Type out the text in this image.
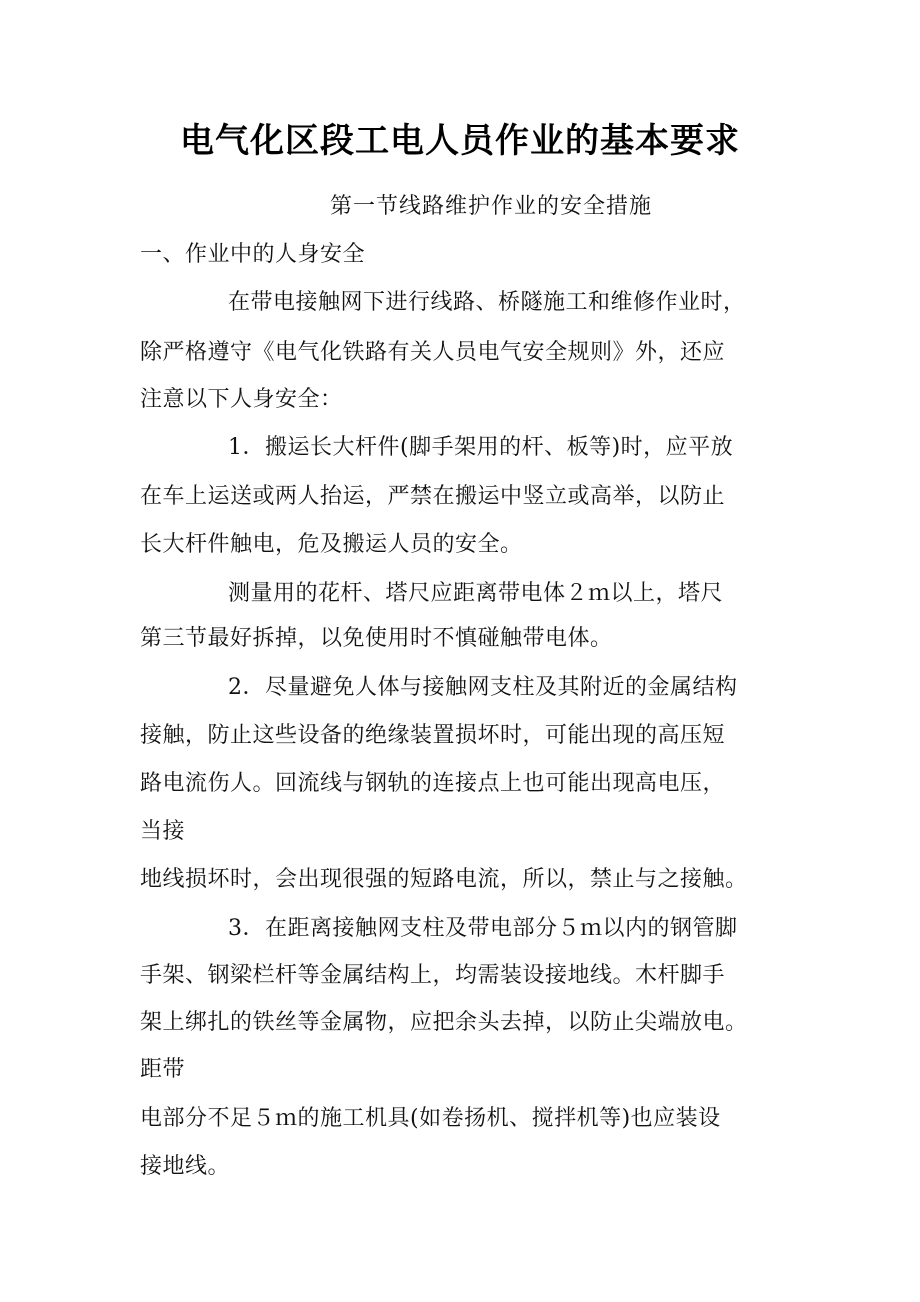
电气化区段工电人员作业的基本要求
第一节线路维护作业的安全措施
一、作业中的人身安全
在带电接触网下进行线路、桥隧施工和维修作业时，
除严格遵守《电气化铁路有关人员电气安全规则》外，还应
注意以下人身安全：
1．搬运长大杆件(脚手架用的杆、板等)时，应平放
在车上运送或两人抬运，严禁在搬运中竖立或高举，以防止
长大杆件触电，危及搬运人员的安全。
测量用的花杆、塔尺应距离带电体２ｍ以上，塔尺
第三节最好拆掉，以免使用时不慎碰触带电体。
2．尽量避免人体与接触网支柱及其附近的金属结构
接触，防止这些设备的绝缘装置损坏时，可能出现的高压短
路电流伤人。回流线与钢轨的连接点上也可能出现高电压，
当接
地线损坏时，会出现很强的短路电流，所以，禁止与之接触。
3．在距离接触网支柱及带电部分５ｍ以内的钢管脚
手架、钢梁栏杆等金属结构上，均需装设接地线。木杆脚手
架上绑扎的铁丝等金属物，应把余头去掉，以防止尖端放电。
距带
电部分不足５ｍ的施工机具(如卷扬机、搅拌机等)也应装设
接地线。
